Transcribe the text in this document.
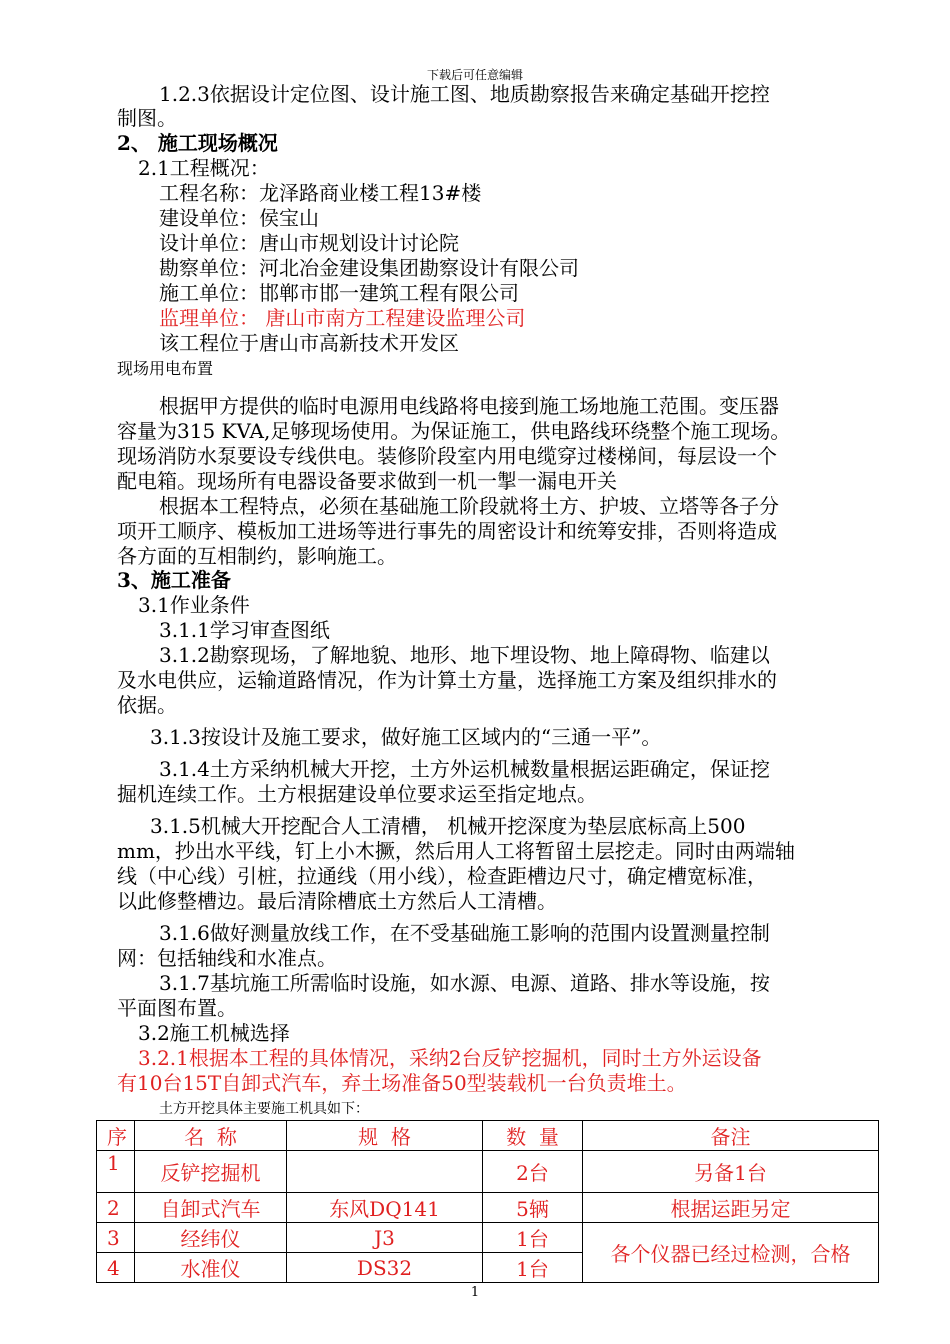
下载后可任意编辑
1.2.3依据设计定位图、设计施工图、地质勘察报告来确定基础开挖控
制图。
2、 施工现场概况
2.1工程概况：
工程名称：龙泽路商业楼工程13#楼
建设单位：侯宝山
设计单位：唐山市规划设计讨论院
勘察单位：河北冶金建设集团勘察设计有限公司
施工单位：邯郸市邯一建筑工程有限公司
监理单位： 唐山市南方工程建设监理公司
该工程位于唐山市高新技术开发区
现场用电布置
根据甲方提供的临时电源用电线路将电接到施工场地施工范围。变压器
容量为315 KVA,足够现场使用。为保证施工，供电路线环绕整个施工现场。
现场消防水泵要设专线供电。装修阶段室内用电缆穿过楼梯间，每层设一个
配电箱。现场所有电器设备要求做到一机一掣一漏电开关
根据本工程特点，必须在基础施工阶段就将土方、护坡、立塔等各子分
项开工顺序、模板加工进场等进行事先的周密设计和统筹安排，否则将造成
各方面的互相制约，影响施工。
3、施工准备
3.1作业条件
3.1.1学习审查图纸
3.1.2勘察现场，了解地貌、地形、地下埋设物、地上障碍物、临建以
及水电供应，运输道路情况，作为计算土方量，选择施工方案及组织排水的
依据。
3.1.3按设计及施工要求，做好施工区域内的“三通一平”。
3.1.4土方采纳机械大开挖，土方外运机械数量根据运距确定，保证挖
掘机连续工作。土方根据建设单位要求运至指定地点。
3.1.5机械大开挖配合人工清槽， 机械开挖深度为垫层底标高上500
mm，抄出水平线，钉上小木撅，然后用人工将暂留土层挖走。同时由两端轴
线（中心线）引桩，拉通线（用小线），检查距槽边尺寸，确定槽宽标准，
以此修整槽边。最后清除槽底土方然后人工清槽。
3.1.6做好测量放线工作，在不受基础施工影响的范围内设置测量控制
网：包括轴线和水准点。
3.1.7基坑施工所需临时设施，如水源、电源、道路、排水等设施，按
平面图布置。
3.2施工机械选择
3.2.1根据本工程的具体情况，采纳2台反铲挖掘机，同时土方外运设备
有10台15T自卸式汽车，弃土场准备50型装载机一台负责堆土。
土方开挖具体主要施工机具如下：
序	名  称	规  格	数  量	备注
1	反铲挖掘机		2台	另备1台
2	自卸式汽车	东风DQ141	5辆	根据运距另定
3	经纬仪	J3	1台	各个仪器已经过检测，合格
4	水准仪	DS32	1台	
1
